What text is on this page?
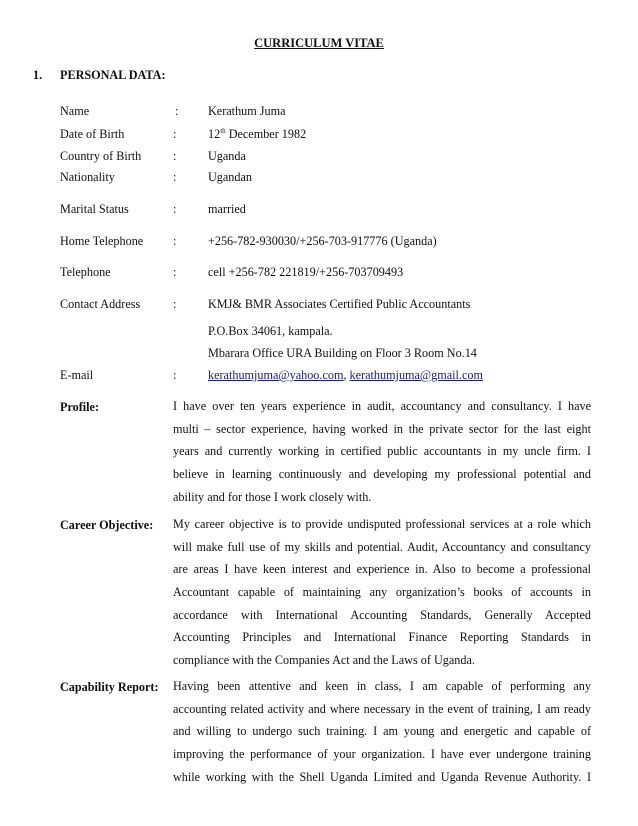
CURRICULUM VITAE
1. PERSONAL DATA:
Name	: Kerathum Juma
Date of Birth	:	12th December 1982
Country of Birth	:	Uganda
Nationality	:	Ugandan
Marital Status	:	married
Home Telephone :	+256-782-930030/+256-703-917776 (Uganda)
Telephone	:	cell +256-782 221819/+256-703709493
Contact Address	:	KMJ& BMR Associates Certified Public Accountants
P.O.Box 34061, kampala.
Mbarara Office URA Building on Floor 3 Room No.14
E-mail	:	kerathumjuma@yahoo.com, kerathumjuma@gmail.com
Profile:	I have over ten years experience in audit, accountancy and consultancy. I have
multi – sector experience, having worked in the private sector for the last eight
years and currently working in certified public accountants in my uncle firm. I
believe in learning continuously and developing my professional potential and
ability and for those I work closely with.
Career Objective: My career objective is to provide undisputed professional services at a role which
will make full use of my skills and potential. Audit, Accountancy and consultancy
are areas I have keen interest and experience in. Also to become a professional
Accountant capable of maintaining any organization’s books of accounts in
accordance with International Accounting Standards, Generally Accepted
Accounting Principles and International Finance Reporting Standards in
compliance with the Companies Act and the Laws of Uganda.
Capability Report: Having been attentive and keen in class, I am capable of performing any
accounting related activity and where necessary in the event of training, I am ready
and willing to undergo such training. I am young and energetic and capable of
improving the performance of your organization. I have ever undergone training
while working with the Shell Uganda Limited and Uganda Revenue Authority. I
